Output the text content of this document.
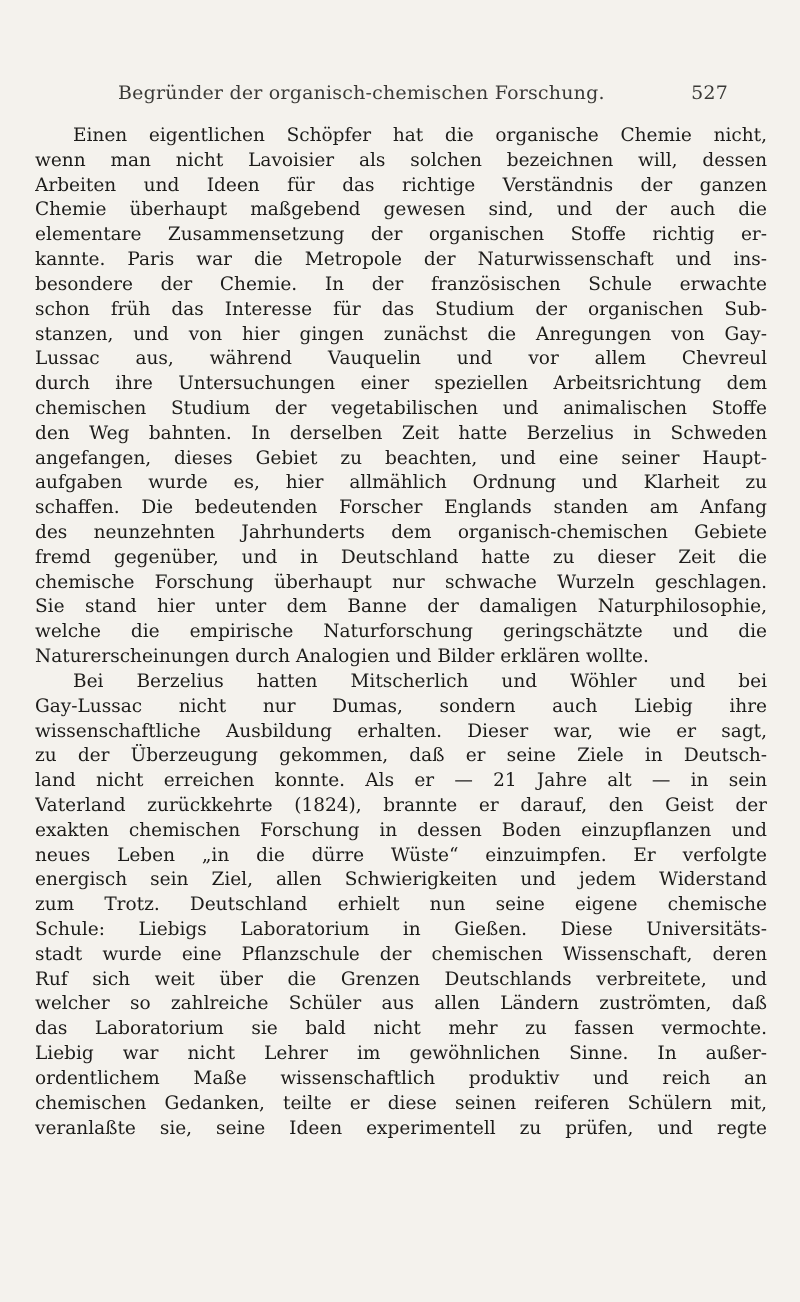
Begründer der organisch-chemischen Forschung.	527
Einen eigentlichen Schöpfer hat die organische Chemie nicht,
wenn man nicht Lavoisier als solchen bezeichnen will, dessen
Arbeiten und Ideen für das richtige Verständnis der ganzen
Chemie überhaupt maßgebend gewesen sind, und der auch die
elementare Zusammensetzung der organischen Stoffe richtig er-
kannte. Paris war die Metropole der Naturwissenschaft und ins-
besondere der Chemie. In der französischen Schule erwachte
schon früh das Interesse für das Studium der organischen Sub-
stanzen, und von hier gingen zunächst die Anregungen von Gay-
Lussac aus, während Vauquelin und vor allem Chevreul
durch ihre Untersuchungen einer speziellen Arbeitsrichtung dem
chemischen Studium der vegetabilischen und animalischen Stoffe
den Weg bahnten. In derselben Zeit hatte Berzelius in Schweden
angefangen, dieses Gebiet zu beachten, und eine seiner Haupt-
aufgaben wurde es, hier allmählich Ordnung und Klarheit zu
schaffen. Die bedeutenden Forscher Englands standen am Anfang
des neunzehnten Jahrhunderts dem organisch-chemischen Gebiete
fremd gegenüber, und in Deutschland hatte zu dieser Zeit die
chemische Forschung überhaupt nur schwache Wurzeln geschlagen.
Sie stand hier unter dem Banne der damaligen Naturphilosophie,
welche die empirische Naturforschung geringschätzte und die
Naturerscheinungen durch Analogien und Bilder erklären wollte.
Bei Berzelius hatten Mitscherlich und Wöhler und bei
Gay-Lussac nicht nur Dumas, sondern auch Liebig ihre
wissenschaftliche Ausbildung erhalten. Dieser war, wie er sagt,
zu der Überzeugung gekommen, daß er seine Ziele in Deutsch-
land nicht erreichen konnte. Als er — 21 Jahre alt — in sein
Vaterland zurückkehrte (1824), brannte er darauf, den Geist der
exakten chemischen Forschung in dessen Boden einzupflanzen und
neues Leben „in die dürre Wüste“ einzuimpfen. Er verfolgte
energisch sein Ziel, allen Schwierigkeiten und jedem Widerstand
zum Trotz. Deutschland erhielt nun seine eigene chemische
Schule: Liebigs Laboratorium in Gießen. Diese Universitäts-
stadt wurde eine Pflanzschule der chemischen Wissenschaft, deren
Ruf sich weit über die Grenzen Deutschlands verbreitete, und
welcher so zahlreiche Schüler aus allen Ländern zuströmten, daß
das Laboratorium sie bald nicht mehr zu fassen vermochte.
Liebig war nicht Lehrer im gewöhnlichen Sinne. In außer-
ordentlichem Maße wissenschaftlich produktiv und reich an
chemischen Gedanken, teilte er diese seinen reiferen Schülern mit,
veranlaßte sie, seine Ideen experimentell zu prüfen, und regte
